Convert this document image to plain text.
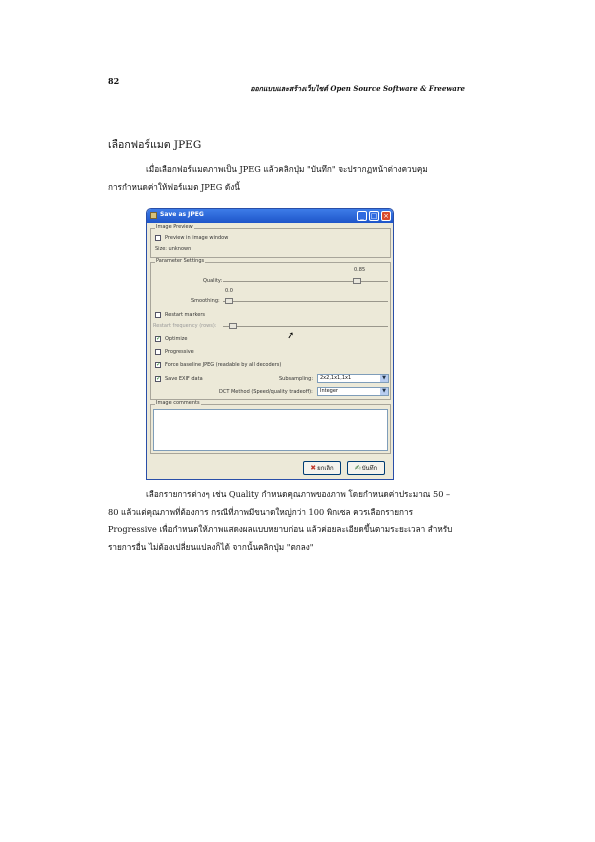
82
ออกแบบและสร้างเว็บไซต์ Open Source Software & Freeware
เลือกฟอร์แมต JPEG
เมื่อเลือกฟอร์แมตภาพเป็น JPEG แล้วคลิกปุ่ม "บันทึก" จะปรากฏหน้าต่างควบคุม
การกำหนดค่าให้ฟอร์แมต JPEG ดังนี้
Save as JPEG	_ □ ×
Image Preview
Preview in image window
Size: unknown
Parameter Settings
0.85
Quality:
0.0
Smoothing:
Restart markers
Restart frequency (rows):
✓ Optimize
Progressive
✓ Force baseline JPEG (readable by all decoders)
✓ Save EXIF data	Subsampling:	2x2,1x1,1x1	▼
DCT Method (Speed/quality tradeoff):	Integer	▼
Image comments
➚
✖ยกเลิก	✍บันทึก
เลือกรายการต่างๆ เช่น Quality กำหนดคุณภาพของภาพ โดยกำหนดค่าประมาณ 50 –
80 แล้วแต่คุณภาพที่ต้องการ กรณีที่ภาพมีขนาดใหญ่กว่า 100 พิกเซล ควรเลือกรายการ
Progressive เพื่อกำหนดให้ภาพแสดงผลแบบหยาบก่อน แล้วค่อยละเอียดขึ้นตามระยะเวลา สำหรับ
รายการอื่น ไม่ต้องเปลี่ยนแปลงก็ได้ จากนั้นคลิกปุ่ม "ตกลง"
